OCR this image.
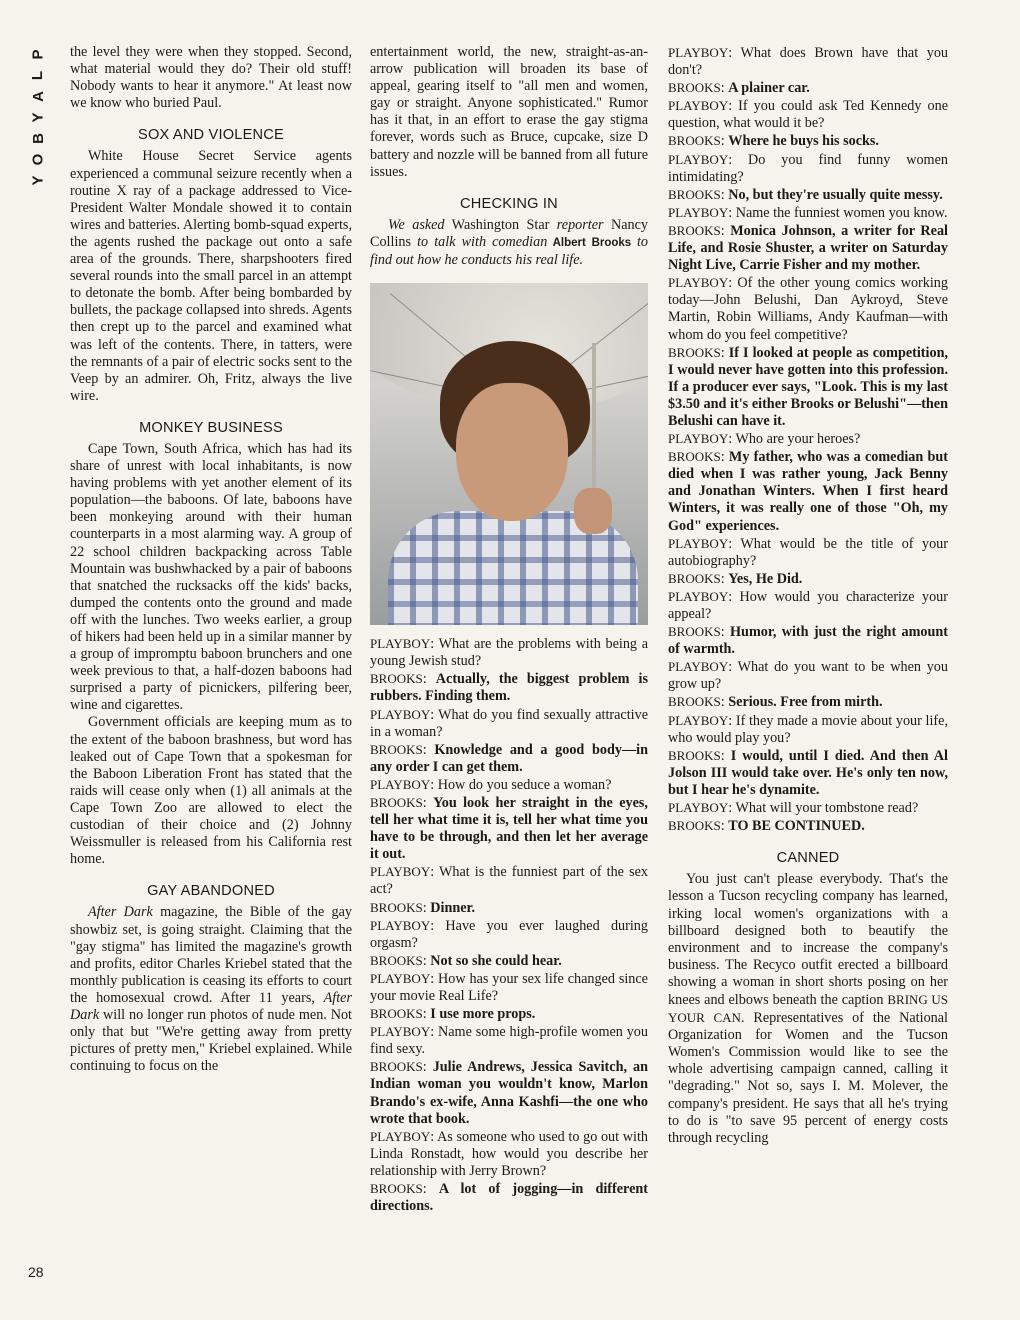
P
L
A
Y
B
O
Y
28

the level they were when they stopped. Second, what material would they do? Their old stuff! Nobody wants to hear it anymore." At least now we know who buried Paul.

SOX AND VIOLENCE

White House Secret Service agents experienced a communal seizure recently when a routine X ray of a package addressed to Vice-President Walter Mondale showed it to contain wires and batteries. Alerting bomb-squad experts, the agents rushed the package out onto a safe area of the grounds. There, sharpshooters fired several rounds into the small parcel in an attempt to detonate the bomb. After being bombarded by bullets, the package collapsed into shreds. Agents then crept up to the parcel and examined what was left of the contents. There, in tatters, were the remnants of a pair of electric socks sent to the Veep by an admirer. Oh, Fritz, always the live wire.

MONKEY BUSINESS

Cape Town, South Africa, which has had its share of unrest with local inhabitants, is now having problems with yet another element of its population—the baboons. Of late, baboons have been monkeying around with their human counterparts in a most alarming way. A group of 22 school children backpacking across Table Mountain was bushwhacked by a pair of baboons that snatched the rucksacks off the kids' backs, dumped the contents onto the ground and made off with the lunches. Two weeks earlier, a group of hikers had been held up in a similar manner by a group of impromptu baboon brunchers and one week previous to that, a half-dozen baboons had surprised a party of picnickers, pilfering beer, wine and cigarettes.

Government officials are keeping mum as to the extent of the baboon brashness, but word has leaked out of Cape Town that a spokesman for the Baboon Liberation Front has stated that the raids will cease only when (1) all animals at the Cape Town Zoo are allowed to elect the custodian of their choice and (2) Johnny Weissmuller is released from his California rest home.

GAY ABANDONED

After Dark magazine, the Bible of the gay showbiz set, is going straight. Claiming that the "gay stigma" has limited the magazine's growth and profits, editor Charles Kriebel stated that the monthly publication is ceasing its efforts to court the homosexual crowd. After 11 years, After Dark will no longer run photos of nude men. Not only that but "We're getting away from pretty pictures of pretty men," Kriebel explained. While continuing to focus on the

entertainment world, the new, straight-as-an-arrow publication will broaden its base of appeal, gearing itself to "all men and women, gay or straight. Anyone sophisticated." Rumor has it that, in an effort to erase the gay stigma forever, words such as Bruce, cupcake, size D battery and nozzle will be banned from all future issues.

CHECKING IN

We asked Washington Star reporter Nancy Collins to talk with comedian Albert Brooks to find out how he conducts his real life.

PLAYBOY: What are the problems with being a young Jewish stud?

BROOKS: Actually, the biggest problem is rubbers. Finding them.

PLAYBOY: What do you find sexually attractive in a woman?

BROOKS: Knowledge and a good body—in any order I can get them.

PLAYBOY: How do you seduce a woman?

BROOKS: You look her straight in the eyes, tell her what time it is, tell her what time you have to be through, and then let her average it out.

PLAYBOY: What is the funniest part of the sex act?

BROOKS: Dinner.

PLAYBOY: Have you ever laughed during orgasm?

BROOKS: Not so she could hear.

PLAYBOY: How has your sex life changed since your movie Real Life?

BROOKS: I use more props.

PLAYBOY: Name some high-profile women you find sexy.

BROOKS: Julie Andrews, Jessica Savitch, an Indian woman you wouldn't know, Marlon Brando's ex-wife, Anna Kashfi—the one who wrote that book.

PLAYBOY: As someone who used to go out with Linda Ronstadt, how would you describe her relationship with Jerry Brown?

BROOKS: A lot of jogging—in different directions.

PLAYBOY: What does Brown have that you don't?

BROOKS: A plainer car.

PLAYBOY: If you could ask Ted Kennedy one question, what would it be?

BROOKS: Where he buys his socks.

PLAYBOY: Do you find funny women intimidating?

BROOKS: No, but they're usually quite messy.

PLAYBOY: Name the funniest women you know.

BROOKS: Monica Johnson, a writer for Real Life, and Rosie Shuster, a writer on Saturday Night Live, Carrie Fisher and my mother.

PLAYBOY: Of the other young comics working today—John Belushi, Dan Aykroyd, Steve Martin, Robin Williams, Andy Kaufman—with whom do you feel competitive?

BROOKS: If I looked at people as competition, I would never have gotten into this profession. If a producer ever says, "Look. This is my last $3.50 and it's either Brooks or Belushi"—then Belushi can have it.

PLAYBOY: Who are your heroes?

BROOKS: My father, who was a comedian but died when I was rather young, Jack Benny and Jonathan Winters. When I first heard Winters, it was really one of those "Oh, my God" experiences.

PLAYBOY: What would be the title of your autobiography?

BROOKS: Yes, He Did.

PLAYBOY: How would you characterize your appeal?

BROOKS: Humor, with just the right amount of warmth.

PLAYBOY: What do you want to be when you grow up?

BROOKS: Serious. Free from mirth.

PLAYBOY: If they made a movie about your life, who would play you?

BROOKS: I would, until I died. And then Al Jolson III would take over. He's only ten now, but I hear he's dynamite.

PLAYBOY: What will your tombstone read?

BROOKS: TO BE CONTINUED.

CANNED

You just can't please everybody. That's the lesson a Tucson recycling company has learned, irking local women's organizations with a billboard designed both to beautify the environment and to increase the company's business. The Recyco outfit erected a billboard showing a woman in short shorts posing on her knees and elbows beneath the caption BRING US YOUR CAN. Representatives of the National Organization for Women and the Tucson Women's Commission would like to see the whole advertising campaign canned, calling it "degrading." Not so, says I. M. Molever, the company's president. He says that all he's trying to do is "to save 95 percent of energy costs through recycling
